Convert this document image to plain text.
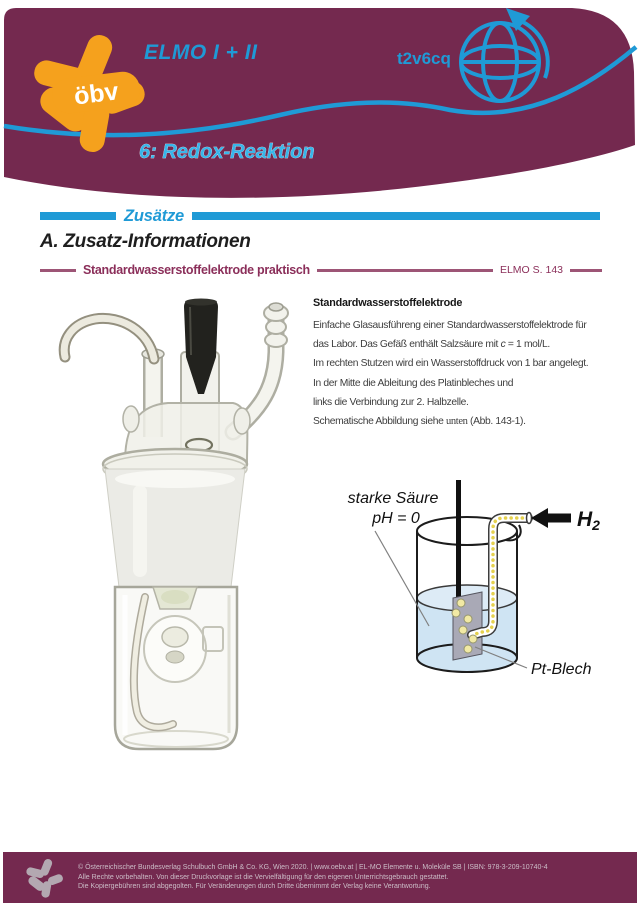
öbv
ELMO I + II	t2v6cq
6: Redox-Reaktion
Zusätze
A. Zusatz-Informationen
Standardwasserstoffelektrode praktisch	ELMO S. 143
Standardwasserstoffelektrode
Einfache Glasausführeng einer Standardwasserstoffelektrode für
das Labor. Das Gefäß enthält Salzsäure mit c = 1 mol/L.
Im rechten Stutzen wird ein Wasserstoffdruck von 1 bar angelegt.
In der Mitte die Ableitung des Platinbleches und
links die Verbindung zur 2. Halbzelle.
Schematische Abbildung siehe unten (Abb. 143-1).
H2
starke Säure
pH = 0
Pt-Blech
© Österreichischer Bundesverlag Schulbuch GmbH & Co. KG, Wien 2020. | www.oebv.at | EL-MO Elemente u. Moleküle SB | ISBN: 978-3-209-10740-4
Alle Rechte vorbehalten. Von dieser Druckvorlage ist die Vervielfältigung für den eigenen Unterrichtsgebrauch gestattet.
Die Kopiergebühren sind abgegolten. Für Veränderungen durch Dritte übernimmt der Verlag keine Verantwortung.
